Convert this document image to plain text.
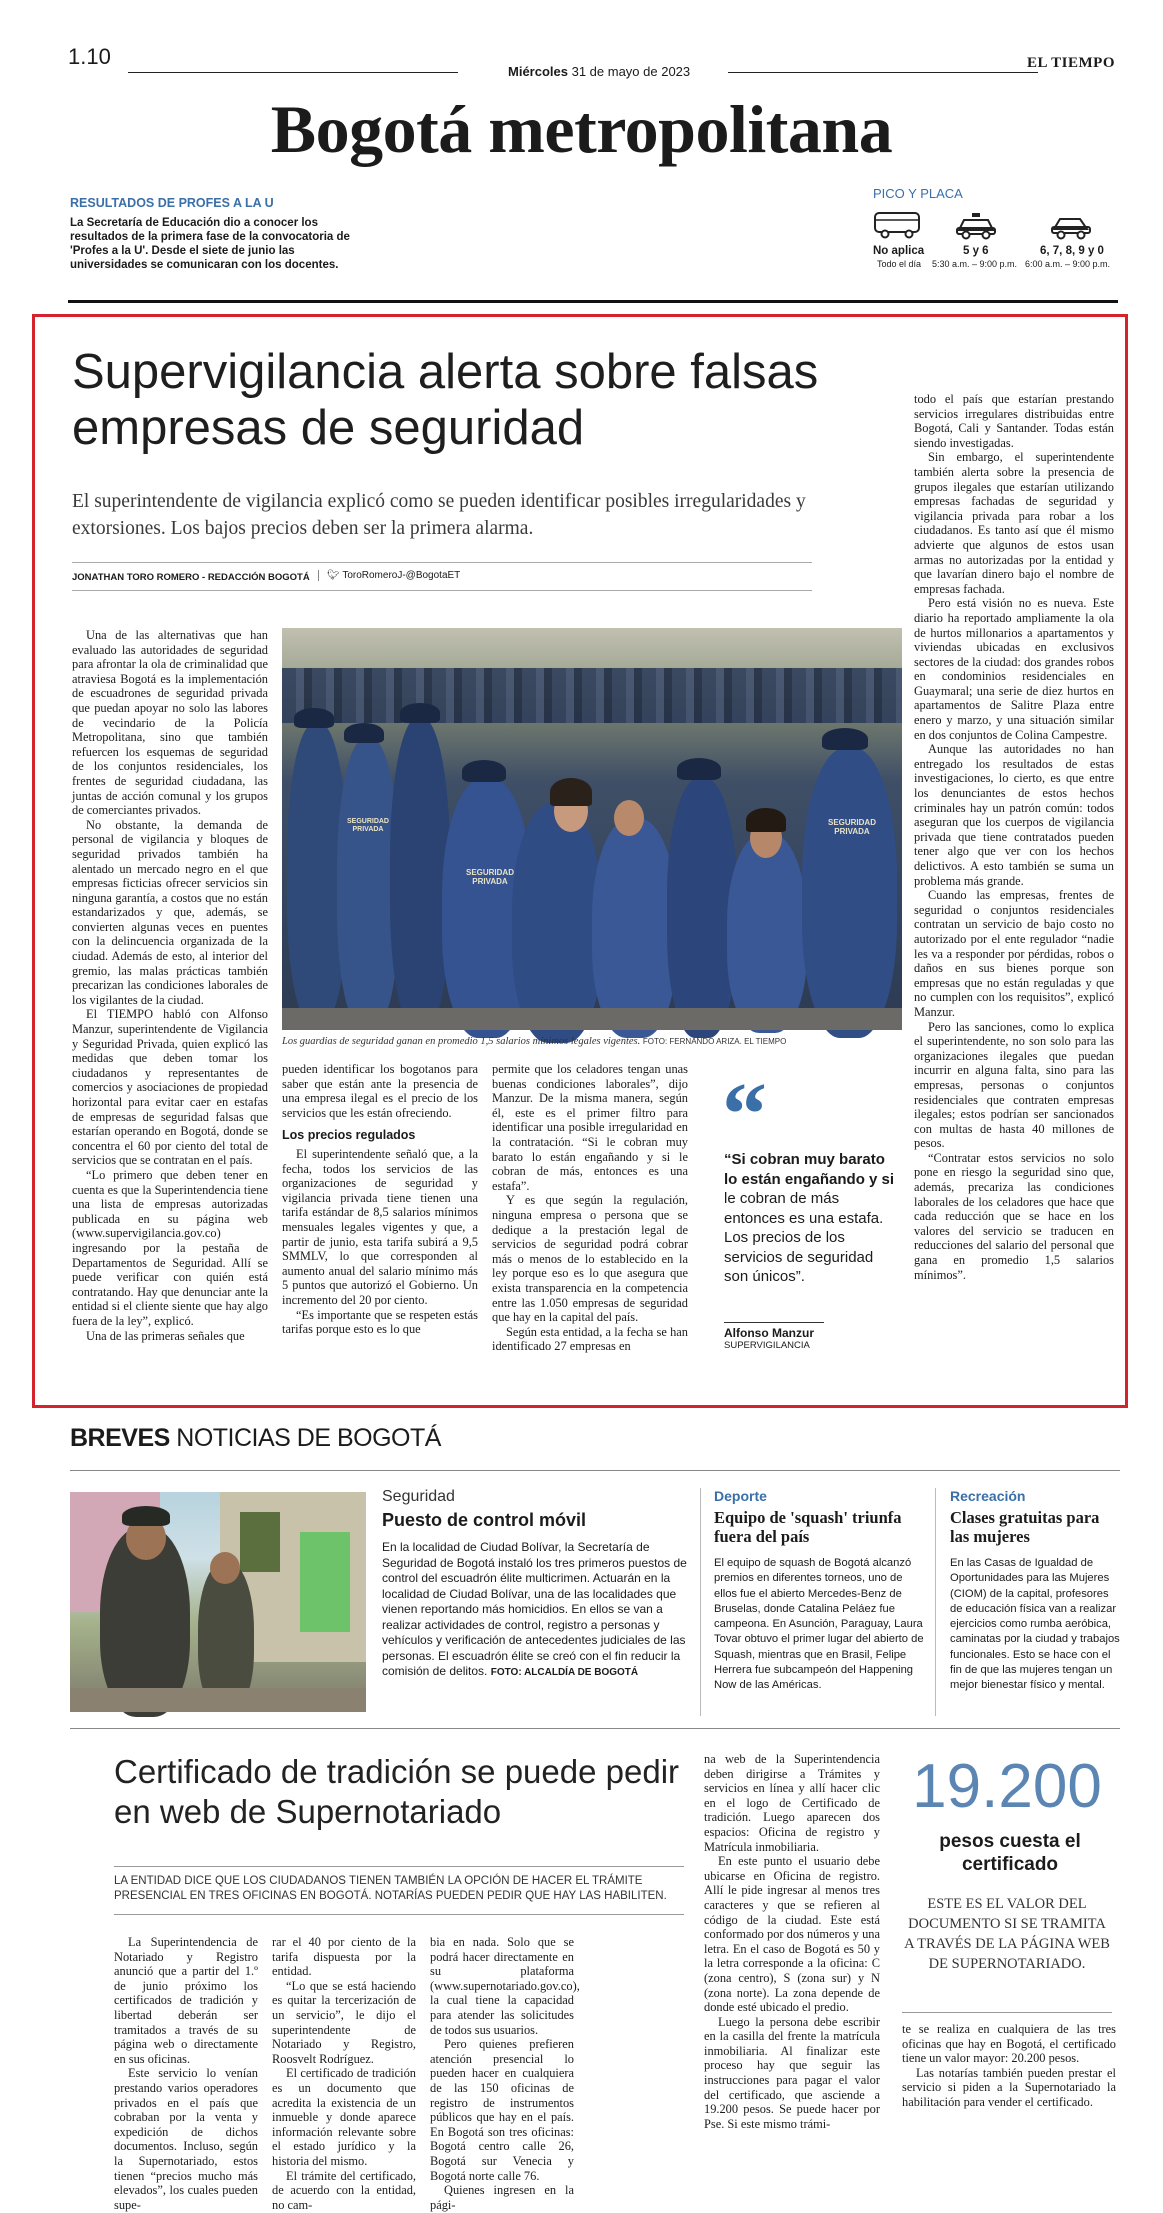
1.10
Miércoles 31 de mayo de 2023
EL TIEMPO
Bogotá metropolitana
RESULTADOS DE PROFES A LA U
La Secretaría de Educación dio a conocer los resultados de la primera fase de la convocatoria de 'Profes a la U'. Desde el siete de junio las universidades se comunicaran con los docentes.
PICO Y PLACA
No aplica
Todo el día
5 y 6
5:30 a.m. – 9:00 p.m.
6, 7, 8, 9 y 0
6:00 a.m. – 9:00 p.m.
Supervigilancia alerta sobre falsas empresas de seguridad
El superintendente de vigilancia explicó como se pueden identificar posibles irregularidades y extorsiones. Los bajos precios deben ser la primera alarma.
JONATHAN TORO ROMERO - REDACCIÓN BOGOTÁ	🐦︎ ToroRomeroJ-@BogotaET
SEGURIDAD PRIVADA
SEGURIDAD PRIVADA
SEGURIDAD PRIVADA
Los guardias de seguridad ganan en promedio 1,5 salarios mínimos legales vigentes. FOTO: FERNANDO ARIZA. EL TIEMPO

Una de las alternativas que han evaluado las autoridades de seguridad para afrontar la ola de criminalidad que atraviesa Bogotá es la implementación de escuadrones de seguridad privada que puedan apoyar no solo las labores de vecindario de la Policía Metropolitana, sino que también refuercen los esquemas de seguridad de los conjuntos residenciales, los frentes de seguridad ciudadana, las juntas de acción comunal y los grupos de comerciantes privados.

No obstante, la demanda de personal de vigilancia y bloques de seguridad privados también ha alentado un mercado negro en el que empresas ficticias ofrecer servicios sin ninguna garantía, a costos que no están estandarizados y que, además, se convierten algunas veces en puentes con la delincuencia organizada de la ciudad. Además de esto, al interior del gremio, las malas prácticas también precarizan las condiciones laborales de los vigilantes de la ciudad.

El TIEMPO habló con Alfonso Manzur, superintendente de Vigilancia y Seguridad Privada, quien explicó las medidas que deben tomar los ciudadanos y representantes de comercios y asociaciones de propiedad horizontal para evitar caer en estafas de empresas de seguridad falsas que estarían operando en Bogotá, donde se concentra el 60 por ciento del total de servicios que se contratan en el país.

“Lo primero que deben tener en cuenta es que la Superintendencia tiene una lista de empresas autorizadas publicada en su página web (www.supervigilancia.gov.co) ingresando por la pestaña de Departamentos de Seguridad. Allí se puede verificar con quién está contratando. Hay que denunciar ante la entidad si el cliente siente que hay algo fuera de la ley”, explicó.

Una de las primeras señales que

pueden identificar los bogotanos para saber que están ante la presencia de una empresa ilegal es el precio de los servicios que les están ofreciendo.

Los precios regulados

El superintendente señaló que, a la fecha, todos los servicios de las organizaciones de seguridad y vigilancia privada tiene tienen una tarifa estándar de 8,5 salarios mínimos mensuales legales vigentes y que, a partir de junio, esta tarifa subirá a 9,5 SMMLV, lo que corresponden al aumento anual del salario mínimo más 5 puntos que autorizó el Gobierno. Un incremento del 20 por ciento.

“Es importante que se respeten estás tarifas porque esto es lo que

permite que los celadores tengan unas buenas condiciones laborales”, dijo Manzur. De la misma manera, según él, este es el primer filtro para identificar una posible irregularidad en la contratación. “Si le cobran muy barato lo están engañando y si le cobran de más, entonces es una estafa”.

Y es que según la regulación, ninguna empresa o persona que se dedique a la prestación legal de servicios de seguridad podrá cobrar más o menos de lo establecido en la ley porque eso es lo que asegura que exista transparencia en la competencia entre las 1.050 empresas de seguridad que hay en la capital del país.

Según esta entidad, a la fecha se han identificado 27 empresas en

“
“Si cobran muy barato lo están engañando y si le cobran de más entonces es una estafa. Los precios de los servicios de seguridad son únicos”.
Alfonso Manzur
SUPERVIGILANCIA

todo el país que estarían prestando servicios irregulares distribuidas entre Bogotá, Cali y Santander. Todas están siendo investigadas.

Sin embargo, el superintendente también alerta sobre la presencia de grupos ilegales que estarían utilizando empresas fachadas de seguridad y vigilancia privada para robar a los ciudadanos. Es tanto así que él mismo advierte que algunos de estos usan armas no autorizadas por la entidad y que lavarían dinero bajo el nombre de empresas fachada.

Pero está visión no es nueva. Este diario ha reportado ampliamente la ola de hurtos millonarios a apartamentos y viviendas ubicadas en exclusivos sectores de la ciudad: dos grandes robos en condominios residenciales en Guaymaral; una serie de diez hurtos en apartamentos de Salitre Plaza entre enero y marzo, y una situación similar en dos conjuntos de Colina Campestre.

Aunque las autoridades no han entregado los resultados de estas investigaciones, lo cierto, es que entre los denunciantes de estos hechos criminales hay un patrón común: todos aseguran que los cuerpos de vigilancia privada que tiene contratados pueden tener algo que ver con los hechos delictivos. A esto también se suma un problema más grande.

Cuando las empresas, frentes de seguridad o conjuntos residenciales contratan un servicio de bajo costo no autorizado por el ente regulador “nadie les va a responder por pérdidas, robos o daños en sus bienes porque son empresas que no están reguladas y que no cumplen con los requisitos”, explicó Manzur.

Pero las sanciones, como lo explica el superintendente, no son solo para las organizaciones ilegales que puedan incurrir en alguna falta, sino para las empresas, personas o conjuntos residenciales que contraten empresas ilegales; estos podrían ser sancionados con multas de hasta 40 millones de pesos.

“Contratar estos servicios no solo pone en riesgo la seguridad sino que, además, precariza las condiciones laborales de los celadores que hace que cada reducción que se hace en los valores del servicio se traducen en reducciones del salario del personal que gana en promedio 1,5 salarios mínimos”.

BREVES NOTICIAS DE BOGOTÁ
Seguridad
Puesto de control móvil
En la localidad de Ciudad Bolívar, la Secretaría de Seguridad de Bogotá instaló los tres primeros puestos de control del escuadrón élite multicrimen. Actuarán en la localidad de Ciudad Bolívar, una de las localidades que vienen reportando más homicidios. En ellos se van a realizar actividades de control, registro a personas y vehículos y verificación de antecedentes judiciales de las personas. El escuadrón élite se creó con el fin reducir la comisión de delitos. FOTO: ALCALDÍA DE BOGOTÁ
Deporte
Equipo de 'squash' triunfa fuera del país
El equipo de squash de Bogotá alcanzó premios en diferentes torneos, uno de ellos fue el abierto Mercedes-Benz de Bruselas, donde Catalina Peláez fue campeona. En Asunción, Paraguay, Laura Tovar obtuvo el primer lugar del abierto de Squash, mientras que en Brasil, Felipe Herrera fue subcampeón del Happening Now de las Américas.
Recreación
Clases gratuitas para las mujeres
En las Casas de Igualdad de Oportunidades para las Mujeres (CIOM) de la capital, profesores de educación física van a realizar ejercicios como rumba aeróbica, caminatas por la ciudad y trabajos funcionales. Esto se hace con el fin de que las mujeres tengan un mejor bienestar físico y mental.
Certificado de tradición se puede pedir en web de Supernotariado
LA ENTIDAD DICE QUE LOS CIUDADANOS TIENEN TAMBIÉN LA OPCIÓN DE HACER EL TRÁMITE PRESENCIAL EN TRES OFICINAS EN BOGOTÁ. NOTARÍAS PUEDEN PEDIR QUE HAY LAS HABILITEN.

La Superintendencia de Notariado y Registro anunció que a partir del 1.º de junio próximo los certificados de tradición y libertad deberán ser tramitados a través de su página web o directamente en sus oficinas.

Este servicio lo venían prestando varios operadores privados en el país que cobraban por la venta y expedición de dichos documentos. Incluso, según la Supernotariado, estos tienen “precios mucho más elevados”, los cuales pueden supe-

rar el 40 por ciento de la tarifa dispuesta por la entidad.

“Lo que se está haciendo es quitar la tercerización de un servicio”, le dijo el superintendente de Notariado y Registro, Roosvelt Rodríguez.

El certificado de tradición es un documento que acredita la existencia de un inmueble y donde aparece información relevante sobre el estado jurídico y la historia del mismo.

El trámite del certificado, de acuerdo con la entidad, no cam-

bia en nada. Solo que se podrá hacer directamente en su plataforma (www.supernotariado.gov.co), la cual tiene la capacidad para atender las solicitudes de todos sus usuarios.

Pero quienes prefieren atención presencial lo pueden hacer en cualquiera de las 150 oficinas de registro de instrumentos públicos que hay en el país. En Bogotá son tres oficinas: Bogotá centro calle 26, Bogotá sur Venecia y Bogotá norte calle 76.

Quienes ingresen en la pági-

na web de la Superintendencia deben dirigirse a Trámites y servicios en línea y allí hacer clic en el logo de Certificado de tradición. Luego aparecen dos espacios: Oficina de registro y Matrícula inmobiliaria.

En este punto el usuario debe ubicarse en Oficina de registro. Allí le pide ingresar al menos tres caracteres y que se refieren al código de la ciudad. Este está conformado por dos números y una letra. En el caso de Bogotá es 50 y la letra corresponde a la oficina: C (zona centro), S (zona sur) y N (zona norte). La zona depende de donde esté ubicado el predio.

Luego la persona debe escribir en la casilla del frente la matrícula inmobiliaria. Al finalizar este proceso hay que seguir las instrucciones para pagar el valor del certificado, que asciende a 19.200 pesos. Se puede hacer por Pse. Si este mismo trámi-

19.200
pesos cuesta el certificado
ESTE ES EL VALOR DEL DOCUMENTO SI SE TRAMITA A TRAVÉS DE LA PÁGINA WEB DE SUPERNOTARIADO.

te se realiza en cualquiera de las tres oficinas que hay en Bogotá, el certificado tiene un valor mayor: 20.200 pesos.

Las notarías también pueden prestar el servicio si piden a la Supernotariado la habilitación para vender el certificado.
